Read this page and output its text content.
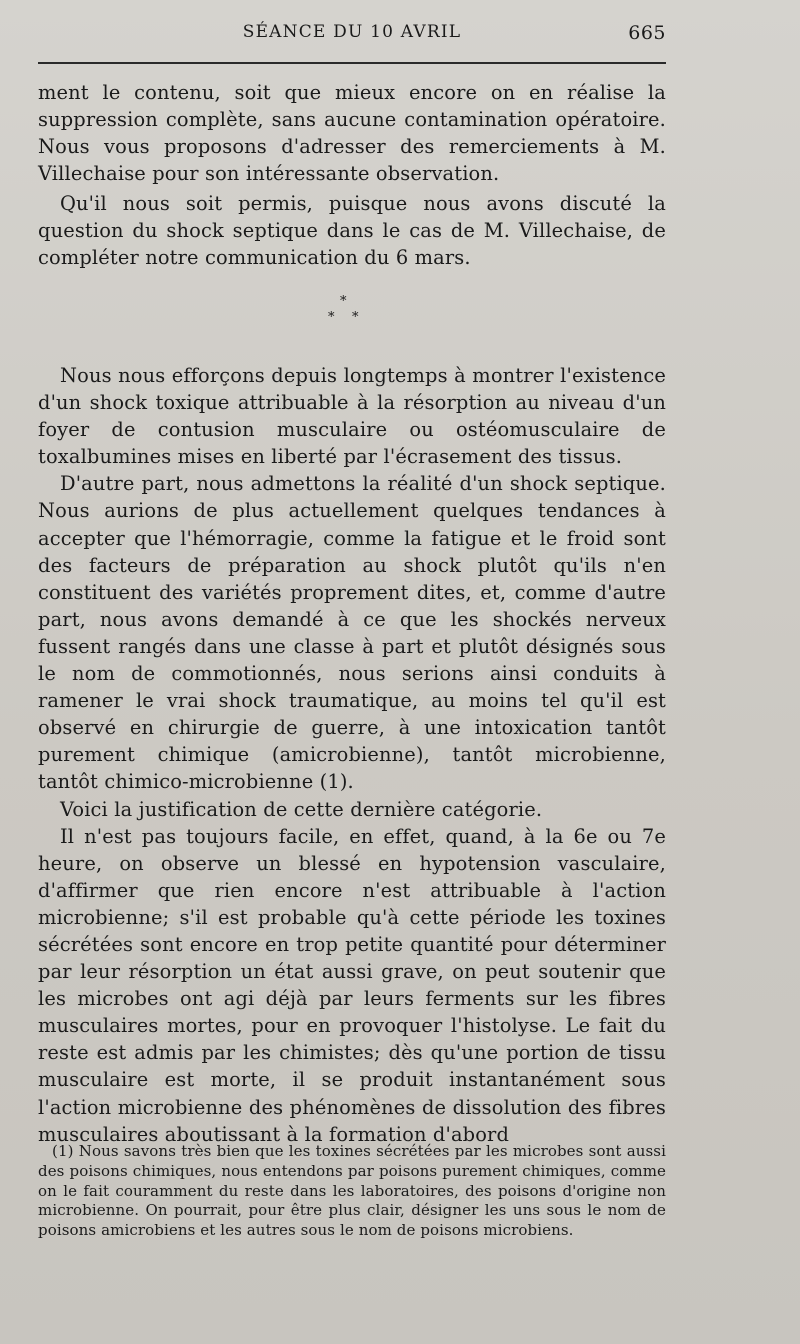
SÉANCE DU 10 AVRIL	665

ment le contenu, soit que mieux encore on en réalise la suppression complète, sans aucune contamination opératoire. Nous vous proposons d'adresser des remerciements à M. Villechaise pour son intéressante observation.

Qu'il nous soit permis, puisque nous avons discuté la question du shock septique dans le cas de M. Villechaise, de compléter notre communication du 6 mars.

*
* *

Nous nous efforçons depuis longtemps à montrer l'existence d'un shock toxique attribuable à la résorption au niveau d'un foyer de contusion musculaire ou ostéomusculaire de toxalbumines mises en liberté par l'écrasement des tissus.

D'autre part, nous admettons la réalité d'un shock septique. Nous aurions de plus actuellement quelques tendances à accepter que l'hémorragie, comme la fatigue et le froid sont des facteurs de préparation au shock plutôt qu'ils n'en constituent des variétés proprement dites, et, comme d'autre part, nous avons demandé à ce que les shockés nerveux fussent rangés dans une classe à part et plutôt désignés sous le nom de commotionnés, nous serions ainsi conduits à ramener le vrai shock traumatique, au moins tel qu'il est observé en chirurgie de guerre, à une intoxication tantôt purement chimique (amicrobienne), tantôt microbienne, tantôt chimico-microbienne (1).

Voici la justification de cette dernière catégorie.

Il n'est pas toujours facile, en effet, quand, à la 6e ou 7e heure, on observe un blessé en hypotension vasculaire, d'affirmer que rien encore n'est attribuable à l'action microbienne; s'il est probable qu'à cette période les toxines sécrétées sont encore en trop petite quantité pour déterminer par leur résorption un état aussi grave, on peut soutenir que les microbes ont agi déjà par leurs ferments sur les fibres musculaires mortes, pour en provoquer l'histolyse. Le fait du reste est admis par les chimistes; dès qu'une portion de tissu musculaire est morte, il se produit instantanément sous l'action microbienne des phénomènes de dissolution des fibres musculaires aboutissant à la formation d'abord

(1) Nous savons très bien que les toxines sécrétées par les microbes sont aussi des poisons chimiques, nous entendons par poisons purement chimiques, comme on le fait couramment du reste dans les laboratoires, des poisons d'origine non microbienne. On pourrait, pour être plus clair, désigner les uns sous le nom de poisons amicrobiens et les autres sous le nom de poisons microbiens.
